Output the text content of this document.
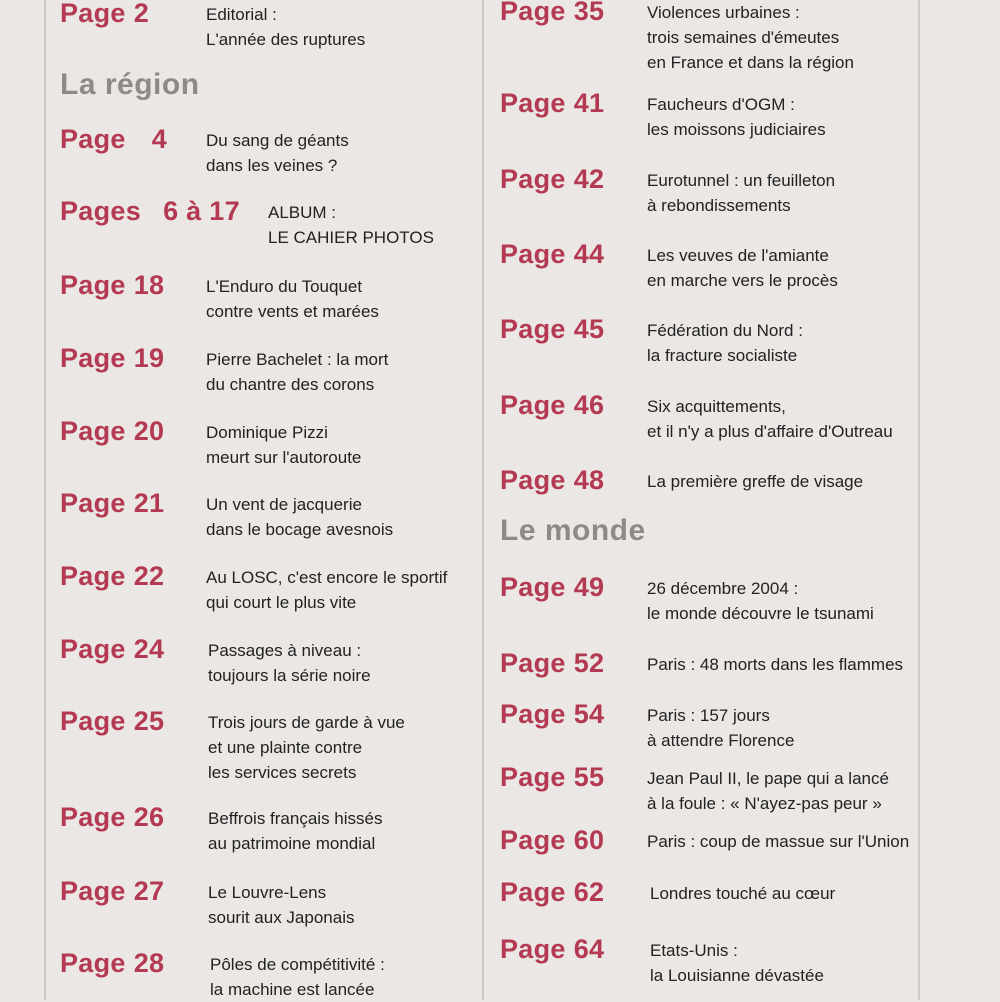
Page 2	Editorial :
L'année des ruptures
La région
Page 4 Du sang de géants
dans les veines ?
Pages 6 à 17 ALBUM :
LE CAHIER PHOTOS
Page 18 L'Enduro du Touquet
contre vents et marées
Page 19 Pierre Bachelet : la mort
du chantre des corons
Page 20 Dominique Pizzi
meurt sur l'autoroute
Page 21 Un vent de jacquerie
dans le bocage avesnois
Page 22 Au LOSC, c'est encore le sportif
qui court le plus vite
Page 24	Passages à niveau :
toujours la série noire
Page 25	Trois jours de garde à vue
et une plainte contre
les services secrets
Page 26	Beffrois français hissés
au patrimoine mondial
Page 27	Le Louvre-Lens
sourit aux Japonais
Page 28	Pôles de compétitivité :
la machine est lancée
Page 35	Violences urbaines :
trois semaines d'émeutes
en France et dans la région
Page 41	Faucheurs d'OGM :
les moissons judiciaires
Page 42	Eurotunnel : un feuilleton
à rebondissements
Page 44	Les veuves de l'amiante
en marche vers le procès
Page 45	Fédération du Nord :
la fracture socialiste
Page 46	Six acquittements,
et il n'y a plus d'affaire d'Outreau
Page 48	La première greffe de visage
Le monde
Page 49	26 décembre 2004 :
le monde découvre le tsunami
Page 52	Paris : 48 morts dans les flammes
Page 54	Paris : 157 jours
à attendre Florence
Page 55	Jean Paul II, le pape qui a lancé
à la foule : « N'ayez-pas peur »
Page 60	Paris : coup de massue sur l'Union
Page 62	Londres touché au cœur
Page 64	Etats-Unis :
la Louisianne dévastée
